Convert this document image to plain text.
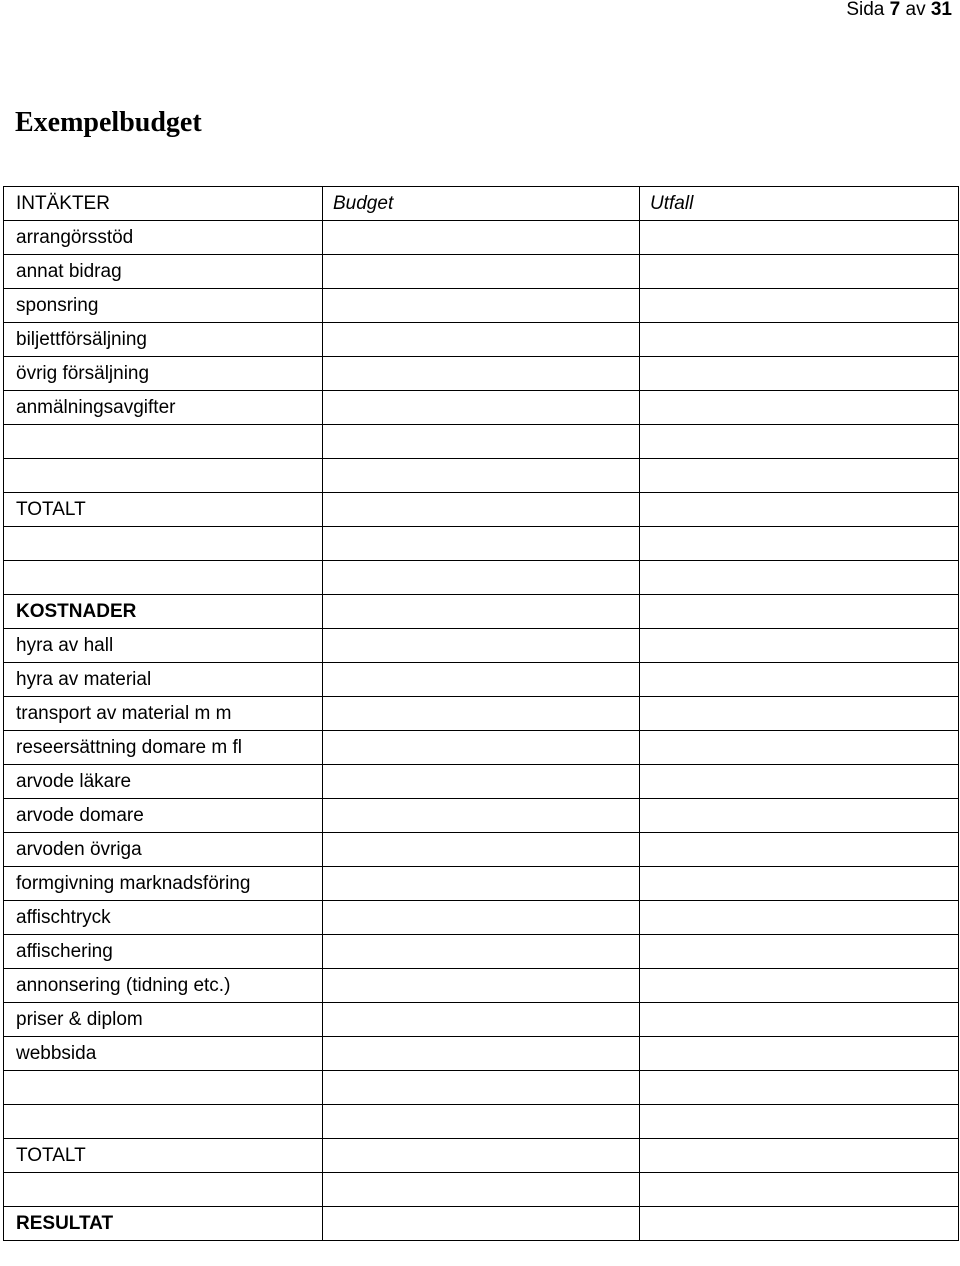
Sida 7 av 31
Exempelbudget
INTÄKTER	Budget	Utfall
arrangörsstöd		
annat bidrag		
sponsring		
biljettförsäljning		
övrig försäljning		
anmälningsavgifter		

TOTALT		

KOSTNADER		
hyra av hall		
hyra av material		
transport av material m m		
reseersättning domare m fl		
arvode läkare		
arvode domare		
arvoden övriga		
formgivning marknadsföring		
affischtryck		
affischering		
annonsering (tidning etc.)		
priser & diplom		
webbsida		

TOTALT		

RESULTAT		
